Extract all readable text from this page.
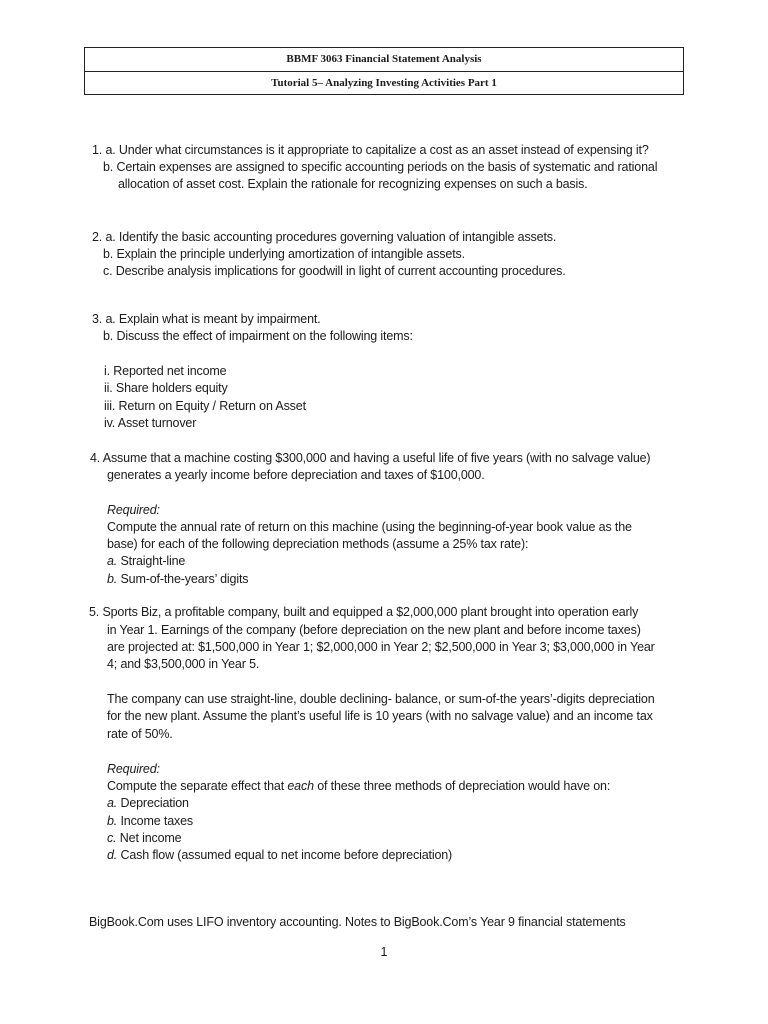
BBMF 3063 Financial Statement Analysis
Tutorial 5– Analyzing Investing Activities Part 1
1. a. Under what circumstances is it appropriate to capitalize a cost as an asset instead of expensing it?
b. Certain expenses are assigned to specific accounting periods on the basis of systematic and rational
allocation of asset cost. Explain the rationale for recognizing expenses on such a basis.
2. a. Identify the basic accounting procedures governing valuation of intangible assets.
b. Explain the principle underlying amortization of intangible assets.
c. Describe analysis implications for goodwill in light of current accounting procedures.
3. a. Explain what is meant by impairment.
b. Discuss the effect of impairment on the following items:
i. Reported net income
ii. Share holders equity
iii. Return on Equity / Return on Asset
iv. Asset turnover
4. Assume that a machine costing $300,000 and having a useful life of five years (with no salvage value)
generates a yearly income before depreciation and taxes of $100,000.
Required:
Compute the annual rate of return on this machine (using the beginning-of-year book value as the
base) for each of the following depreciation methods (assume a 25% tax rate):
a. Straight-line
b. Sum-of-the-years’ digits
5. Sports Biz, a profitable company, built and equipped a $2,000,000 plant brought into operation early
in Year 1. Earnings of the company (before depreciation on the new plant and before income taxes)
are projected at: $1,500,000 in Year 1; $2,000,000 in Year 2; $2,500,000 in Year 3; $3,000,000 in Year
4; and $3,500,000 in Year 5.
The company can use straight-line, double declining- balance, or sum-of-the years’-digits depreciation
for the new plant. Assume the plant’s useful life is 10 years (with no salvage value) and an income tax
rate of 50%.
Required:
Compute the separate effect that each of these three methods of depreciation would have on:
a. Depreciation
b. Income taxes
c. Net income
d. Cash flow (assumed equal to net income before depreciation)
BigBook.Com uses LIFO inventory accounting. Notes to BigBook.Com’s Year 9 financial statements
1
